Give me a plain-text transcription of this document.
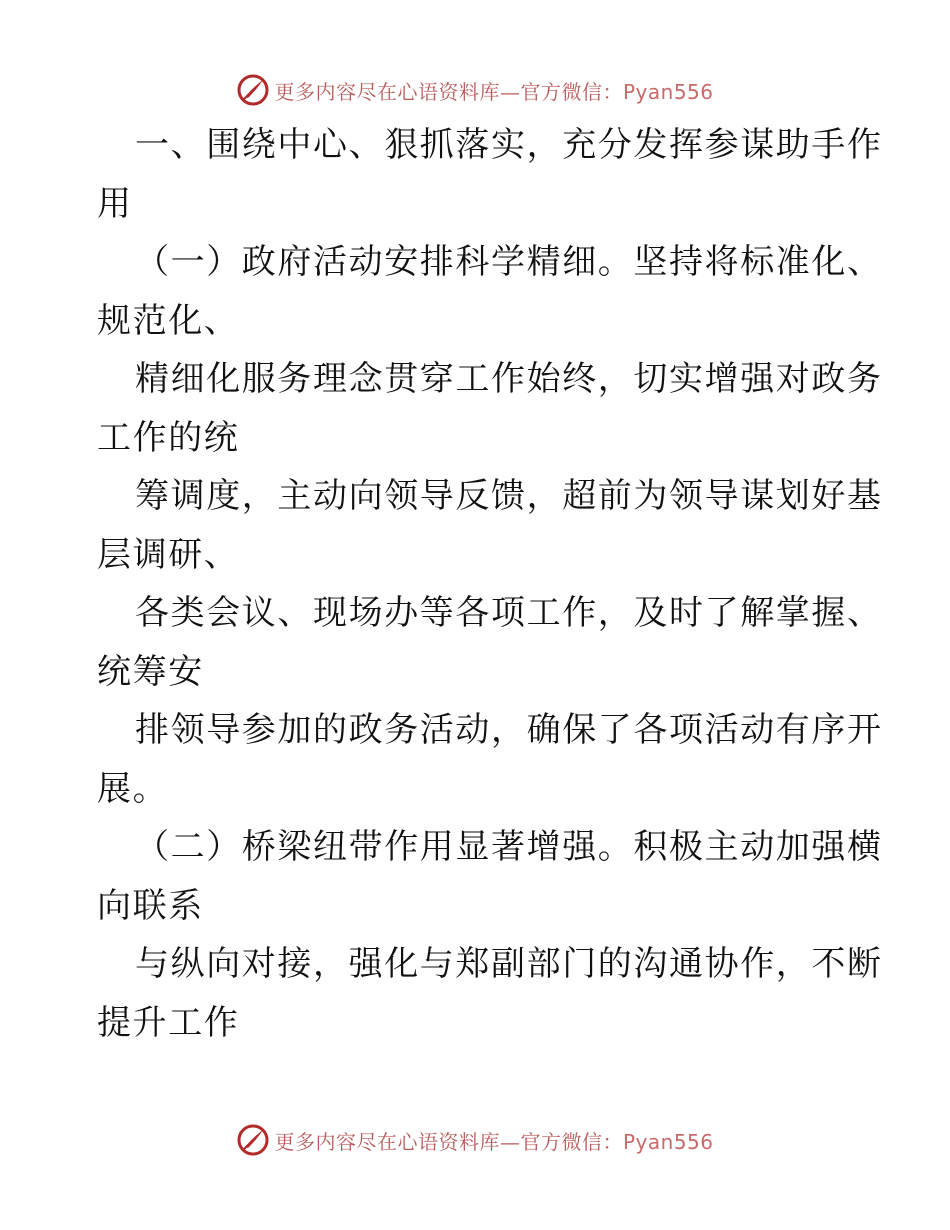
更多内容尽在心语资料库—官方微信：Pyan556
一、围绕中心、狠抓落实，充分发挥参谋助手作
用
（一）政府活动安排科学精细。坚持将标准化、
规范化、
精细化服务理念贯穿工作始终，切实增强对政务
工作的统
筹调度，主动向领导反馈，超前为领导谋划好基
层调研、
各类会议、现场办等各项工作，及时了解掌握、
统筹安
排领导参加的政务活动，确保了各项活动有序开
展。
（二）桥梁纽带作用显著增强。积极主动加强横
向联系
与纵向对接，强化与郑副部门的沟通协作，不断
提升工作
更多内容尽在心语资料库—官方微信：Pyan556
